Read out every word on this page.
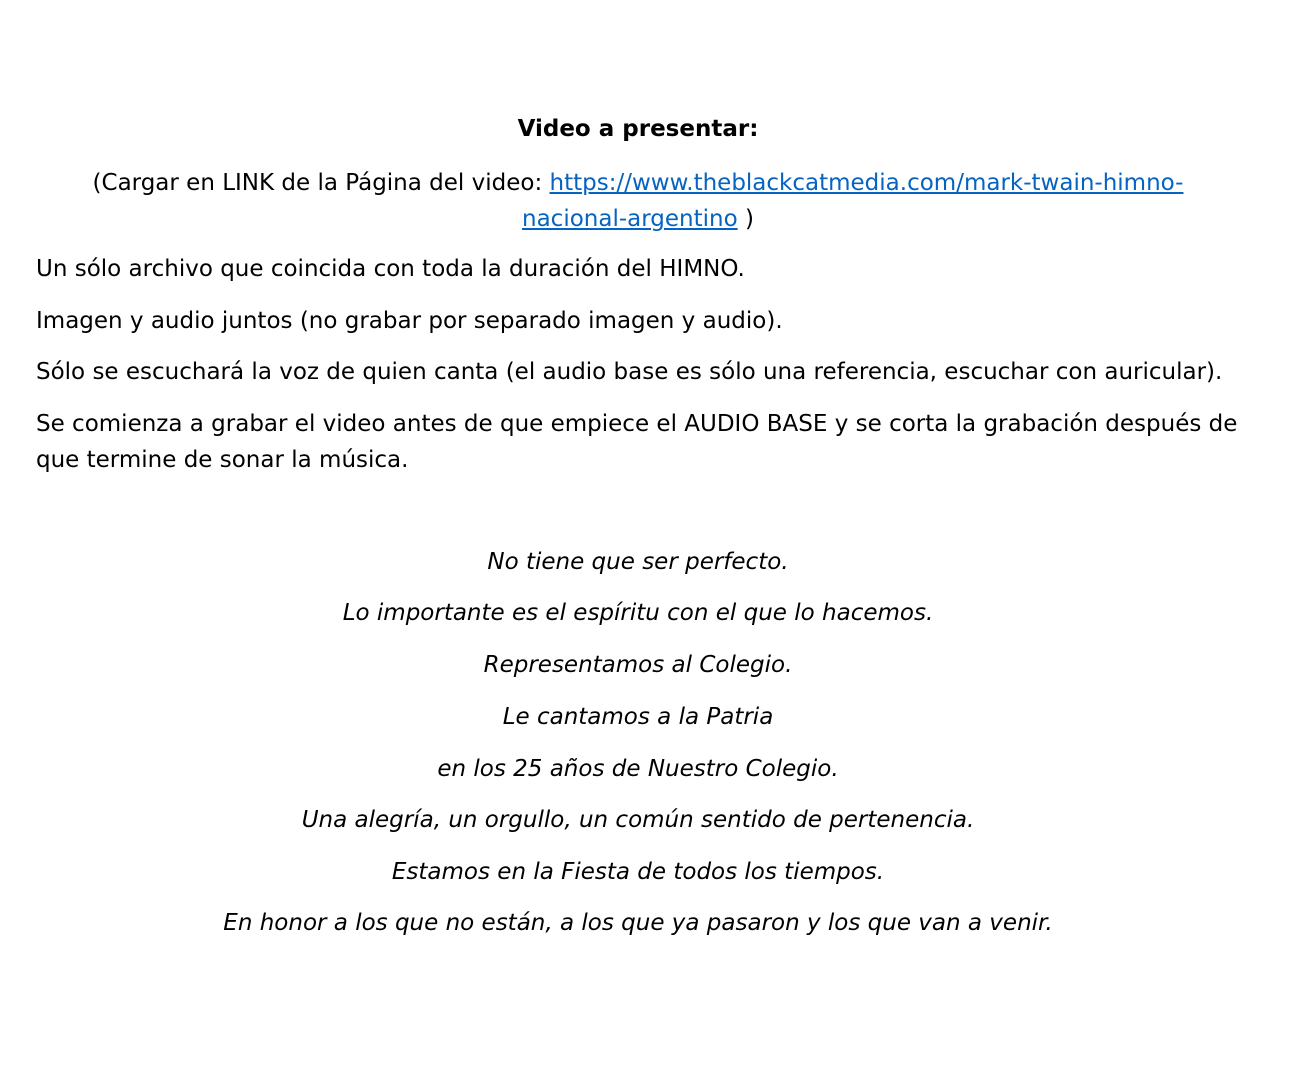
Video a presentar:

(Cargar en LINK de la Página del video: https://www.theblackcatmedia.com/mark-twain-himno-nacional-argentino )

Un sólo archivo que coincida con toda la duración del HIMNO.

Imagen y audio juntos (no grabar por separado imagen y audio).

Sólo se escuchará la voz de quien canta (el audio base es sólo una referencia, escuchar con auricular).

Se comienza a grabar el video antes de que empiece el AUDIO BASE y se corta la grabación después de que termine de sonar la música.

No tiene que ser perfecto.

Lo importante es el espíritu con el que lo hacemos.

Representamos al Colegio.

Le cantamos a la Patria

en los 25 años de Nuestro Colegio.

Una alegría, un orgullo, un común sentido de pertenencia.

Estamos en la Fiesta de todos los tiempos.

En honor a los que no están, a los que ya pasaron y los que van a venir.
